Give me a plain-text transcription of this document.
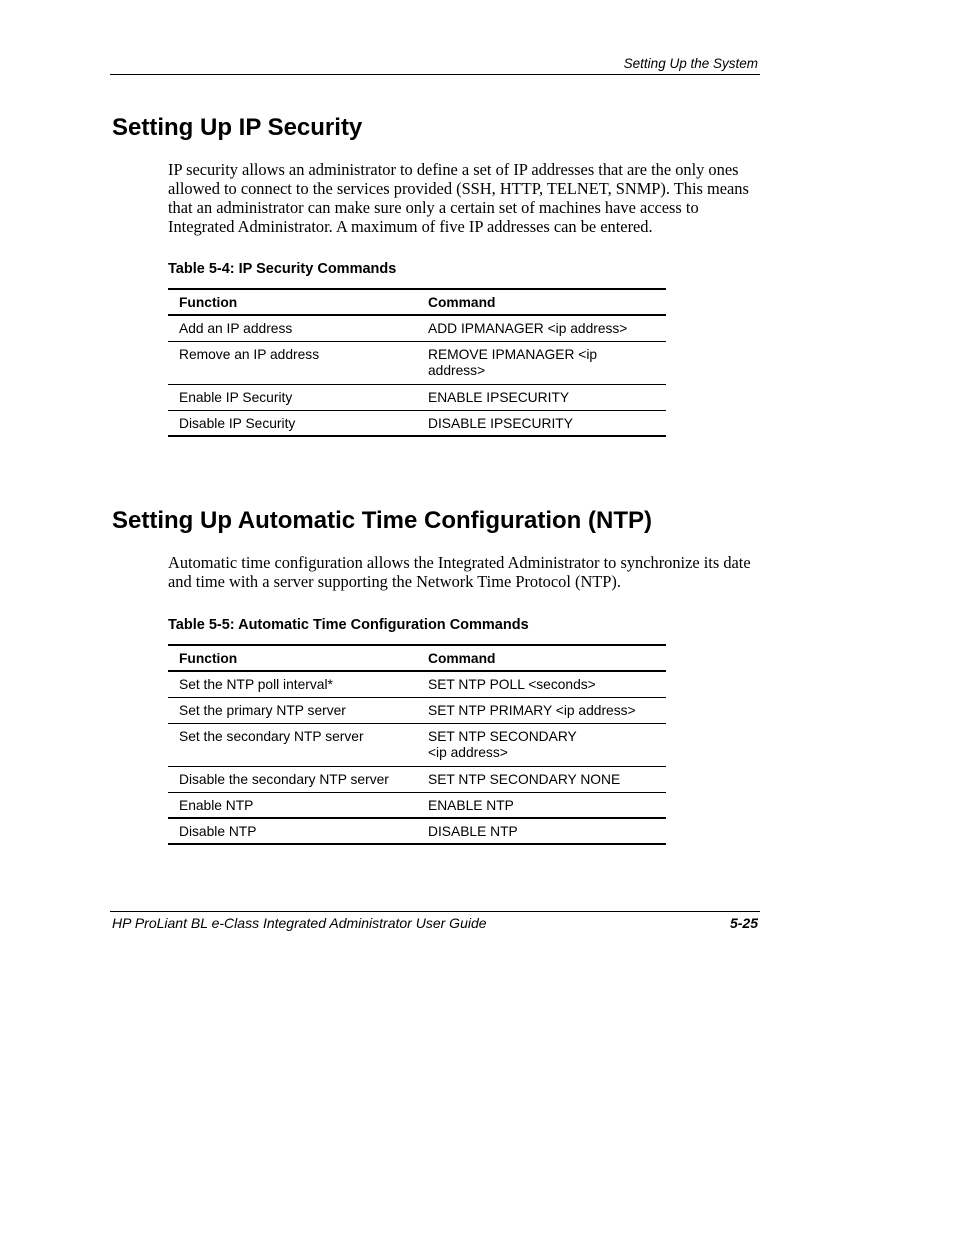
Setting Up the System
Setting Up IP Security

IP security allows an administrator to define a set of IP addresses that are the only ones allowed to connect to the services provided (SSH, HTTP, TELNET, SNMP). This means that an administrator can make sure only a certain set of machines have access to Integrated Administrator. A maximum of five IP addresses can be entered.

Table 5-4: IP Security Commands
Function	Command
Add an IP address	ADD IPMANAGER <ip address>
Remove an IP address	REMOVE IPMANAGER <ip address>
Enable IP Security	ENABLE IPSECURITY
Disable IP Security	DISABLE IPSECURITY
Setting Up Automatic Time Configuration (NTP)

Automatic time configuration allows the Integrated Administrator to synchronize its date and time with a server supporting the Network Time Protocol (NTP).

Table 5-5: Automatic Time Configuration Commands
Function	Command
Set the NTP poll interval*	SET NTP POLL <seconds>
Set the primary NTP server	SET NTP PRIMARY <ip address>
Set the secondary NTP server	SET NTP SECONDARY <ip address>
Disable the secondary NTP server	SET NTP SECONDARY NONE
Enable NTP	ENABLE NTP
Disable NTP	DISABLE NTP
HP ProLiant BL e-Class Integrated Administrator User Guide	5-25
